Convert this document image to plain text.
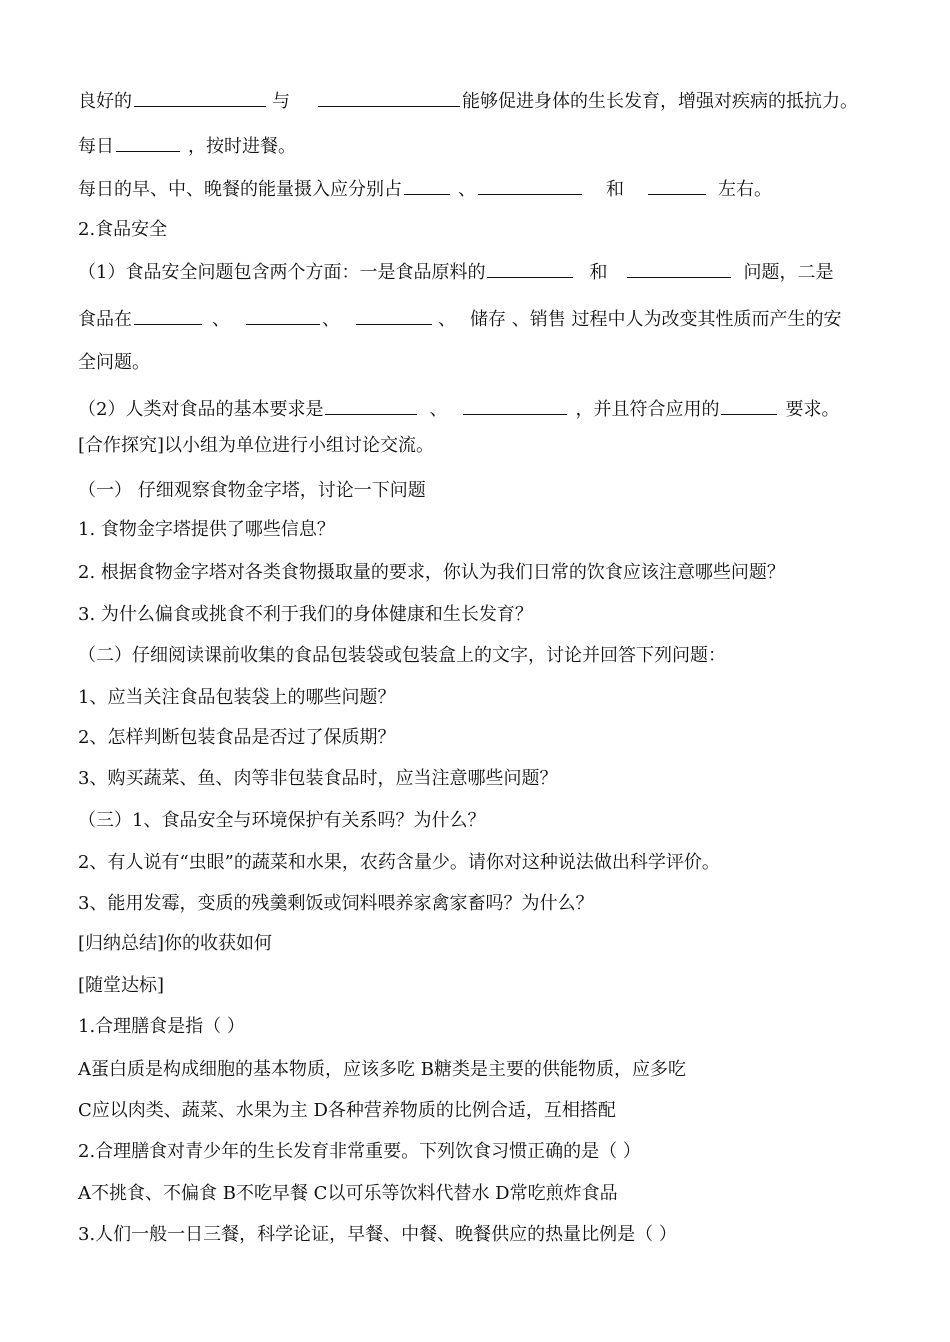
良好的	与	能够促进身体的生长发育，增强对疾病的抵抗力。
每日	，按时进餐。
每日的早、中、晚餐的能量摄入应分别占	、	和	左右。
2.食品安全
（1）食品安全问题包含两个方面：一是食品原料的	和	问题，二是
食品在	、	、	、 储存 、销售 过程中人为改变其性质而产生的安
全问题。
（2）人类对食品的基本要求是	、	，并且符合应用的	要求。
[合作探究]以小组为单位进行小组讨论交流。
（一） 仔细观察食物金字塔，讨论一下问题
1. 食物金字塔提供了哪些信息？
2. 根据食物金字塔对各类食物摄取量的要求，你认为我们日常的饮食应该注意哪些问题？
3. 为什么偏食或挑食不利于我们的身体健康和生长发育？
（二）仔细阅读课前收集的食品包装袋或包装盒上的文字，讨论并回答下列问题：
1、应当关注食品包装袋上的哪些问题？
2、怎样判断包装食品是否过了保质期？
3、购买蔬菜、鱼、肉等非包装食品时，应当注意哪些问题？
（三）1、食品安全与环境保护有关系吗？为什么？
2、有人说有“虫眼”的蔬菜和水果，农药含量少。请你对这种说法做出科学评价。
3、能用发霉，变质的残羹剩饭或饲料喂养家禽家畜吗？为什么？
[归纳总结]你的收获如何
[随堂达标]
1.合理膳食是指（ ）
A蛋白质是构成细胞的基本物质，应该多吃 B糖类是主要的供能物质，应多吃
C应以肉类、蔬菜、水果为主 D各种营养物质的比例合适，互相搭配
2.合理膳食对青少年的生长发育非常重要。下列饮食习惯正确的是（ ）
A不挑食、不偏食 B不吃早餐 C以可乐等饮料代替水 D常吃煎炸食品
3.人们一般一日三餐，科学论证，早餐、中餐、晚餐供应的热量比例是（ ）
